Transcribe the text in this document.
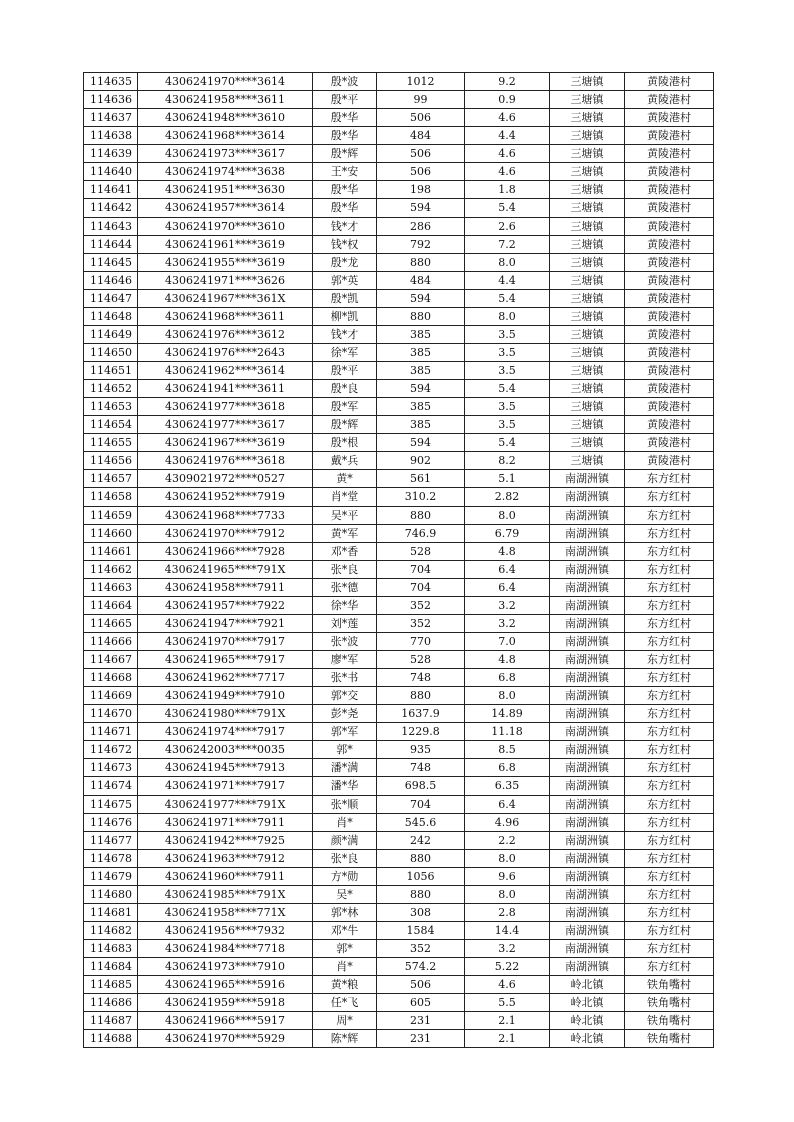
114635	4306241970****3614	殷*波	1012	9.2	三塘镇	黄陵港村
114636	4306241958****3611	殷*平	99	0.9	三塘镇	黄陵港村
114637	4306241948****3610	殷*华	506	4.6	三塘镇	黄陵港村
114638	4306241968****3614	殷*华	484	4.4	三塘镇	黄陵港村
114639	4306241973****3617	殷*辉	506	4.6	三塘镇	黄陵港村
114640	4306241974****3638	王*安	506	4.6	三塘镇	黄陵港村
114641	4306241951****3630	殷*华	198	1.8	三塘镇	黄陵港村
114642	4306241957****3614	殷*华	594	5.4	三塘镇	黄陵港村
114643	4306241970****3610	钱*才	286	2.6	三塘镇	黄陵港村
114644	4306241961****3619	钱*权	792	7.2	三塘镇	黄陵港村
114645	4306241955****3619	殷*龙	880	8.0	三塘镇	黄陵港村
114646	4306241971****3626	郭*英	484	4.4	三塘镇	黄陵港村
114647	4306241967****361X	殷*凯	594	5.4	三塘镇	黄陵港村
114648	4306241968****3611	柳*凯	880	8.0	三塘镇	黄陵港村
114649	4306241976****3612	钱*才	385	3.5	三塘镇	黄陵港村
114650	4306241976****2643	徐*军	385	3.5	三塘镇	黄陵港村
114651	4306241962****3614	殷*平	385	3.5	三塘镇	黄陵港村
114652	4306241941****3611	殷*良	594	5.4	三塘镇	黄陵港村
114653	4306241977****3618	殷*军	385	3.5	三塘镇	黄陵港村
114654	4306241977****3617	殷*辉	385	3.5	三塘镇	黄陵港村
114655	4306241967****3619	殷*根	594	5.4	三塘镇	黄陵港村
114656	4306241976****3618	戴*兵	902	8.2	三塘镇	黄陵港村
114657	4309021972****0527	黄*	561	5.1	南湖洲镇	东方红村
114658	4306241952****7919	肖*堂	310.2	2.82	南湖洲镇	东方红村
114659	4306241968****7733	吴*平	880	8.0	南湖洲镇	东方红村
114660	4306241970****7912	黄*军	746.9	6.79	南湖洲镇	东方红村
114661	4306241966****7928	邓*香	528	4.8	南湖洲镇	东方红村
114662	4306241965****791X	张*良	704	6.4	南湖洲镇	东方红村
114663	4306241958****7911	张*德	704	6.4	南湖洲镇	东方红村
114664	4306241957****7922	徐*华	352	3.2	南湖洲镇	东方红村
114665	4306241947****7921	刘*莲	352	3.2	南湖洲镇	东方红村
114666	4306241970****7917	张*波	770	7.0	南湖洲镇	东方红村
114667	4306241965****7917	廖*军	528	4.8	南湖洲镇	东方红村
114668	4306241962****7717	张*书	748	6.8	南湖洲镇	东方红村
114669	4306241949****7910	郭*交	880	8.0	南湖洲镇	东方红村
114670	4306241980****791X	彭*尧	1637.9	14.89	南湖洲镇	东方红村
114671	4306241974****7917	郭*军	1229.8	11.18	南湖洲镇	东方红村
114672	4306242003****0035	郭*	935	8.5	南湖洲镇	东方红村
114673	4306241945****7913	潘*满	748	6.8	南湖洲镇	东方红村
114674	4306241971****7917	潘*华	698.5	6.35	南湖洲镇	东方红村
114675	4306241977****791X	张*顺	704	6.4	南湖洲镇	东方红村
114676	4306241971****7911	肖*	545.6	4.96	南湖洲镇	东方红村
114677	4306241942****7925	颜*满	242	2.2	南湖洲镇	东方红村
114678	4306241963****7912	张*良	880	8.0	南湖洲镇	东方红村
114679	4306241960****7911	方*勋	1056	9.6	南湖洲镇	东方红村
114680	4306241985****791X	吴*	880	8.0	南湖洲镇	东方红村
114681	4306241958****771X	郭*林	308	2.8	南湖洲镇	东方红村
114682	4306241956****7932	邓*牛	1584	14.4	南湖洲镇	东方红村
114683	4306241984****7718	郭*	352	3.2	南湖洲镇	东方红村
114684	4306241973****7910	肖*	574.2	5.22	南湖洲镇	东方红村
114685	4306241965****5916	黄*粮	506	4.6	岭北镇	铁角嘴村
114686	4306241959****5918	任*飞	605	5.5	岭北镇	铁角嘴村
114687	4306241966****5917	周*	231	2.1	岭北镇	铁角嘴村
114688	4306241970****5929	陈*辉	231	2.1	岭北镇	铁角嘴村
